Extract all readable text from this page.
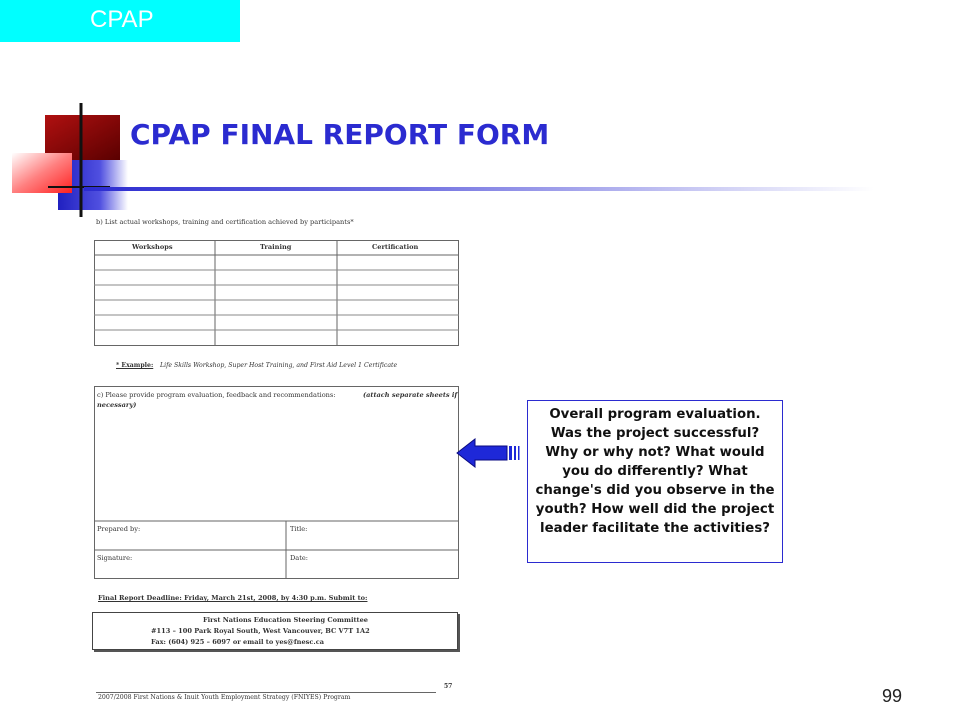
CPAP
CPAP FINAL REPORT FORM
b) List actual workshops, training and certification achieved by participants*
Workshops	Training	Certification
* Example: Life Skills Workshop, Super Host Training, and First Aid Level 1 Certificate
c) Please provide program evaluation, feedback and recommendations:	(attach separate sheets if
necessary)
Prepared by:	Title:
Signature:	Date:
Final Report Deadline: Friday, March 21st, 2008, by 4:30 p.m. Submit to:
First Nations Education Steering Committee
#113 – 100 Park Royal South, West Vancouver, BC V7T 1A2
Fax: (604) 925 – 6097 or email to yes@fnesc.ca
57
2007/2008 First Nations & Inuit Youth Employment Strategy (FNIYES) Program
Overall program evaluation. Was the project successful? Why or why not? What would you do differently? What change's did you observe in the youth? How well did the project leader facilitate the activities?
99
